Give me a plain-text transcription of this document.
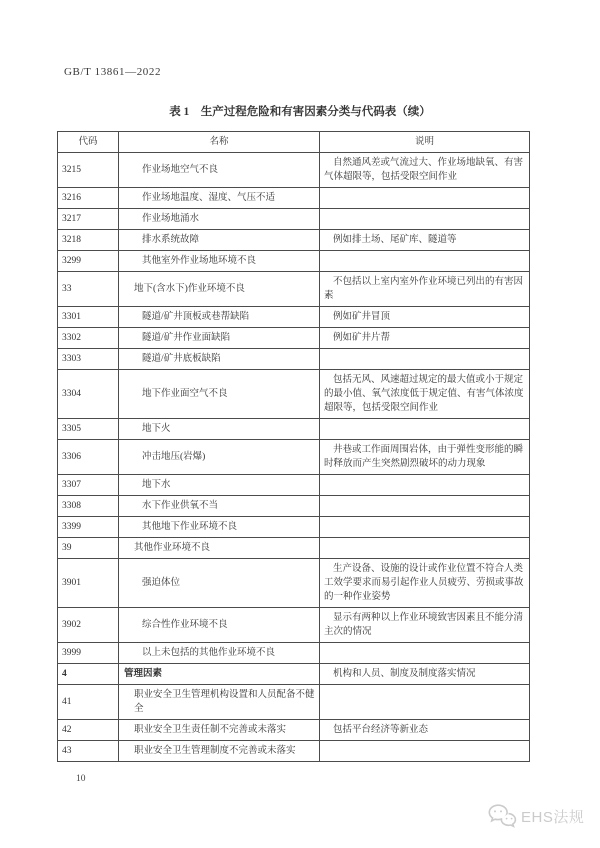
GB/T 13861—2022
表 1　生产过程危险和有害因素分类与代码表（续）
代码	名称	说明
3215	作业场地空气不良	自然通风差或气流过大、作业场地缺氧、有害气体超限等，包括受限空间作业
3216	作业场地温度、湿度、气压不适	
3217	作业场地涌水	
3218	排水系统故障	例如排土场、尾矿库、隧道等
3299	其他室外作业场地环境不良	
33	地下(含水下)作业环境不良	不包括以上室内室外作业环境已列出的有害因素
3301	隧道/矿井顶板或巷帮缺陷	例如矿井冒顶
3302	隧道/矿井作业面缺陷	例如矿井片帮
3303	隧道/矿井底板缺陷	
3304	地下作业面空气不良	包括无风、风速超过规定的最大值或小于规定的最小值、氧气浓度低于规定值、有害气体浓度超限等，包括受限空间作业
3305	地下火	
3306	冲击地压(岩爆)	井巷或工作面周围岩体，由于弹性变形能的瞬时释放而产生突然剧烈破坏的动力现象
3307	地下水	
3308	水下作业供氧不当	
3399	其他地下作业环境不良	
39	其他作业环境不良	
3901	强迫体位	生产设备、设施的设计或作业位置不符合人类工效学要求而易引起作业人员疲劳、劳损或事故的一种作业姿势
3902	综合性作业环境不良	显示有两种以上作业环境致害因素且不能分清主次的情况
3999	以上未包括的其他作业环境不良	
4	管理因素	机构和人员、制度及制度落实情况
41	职业安全卫生管理机构设置和人员配备不健全	
42	职业安全卫生责任制不完善或未落实	包括平台经济等新业态
43	职业安全卫生管理制度不完善或未落实	
10
EHS法规
